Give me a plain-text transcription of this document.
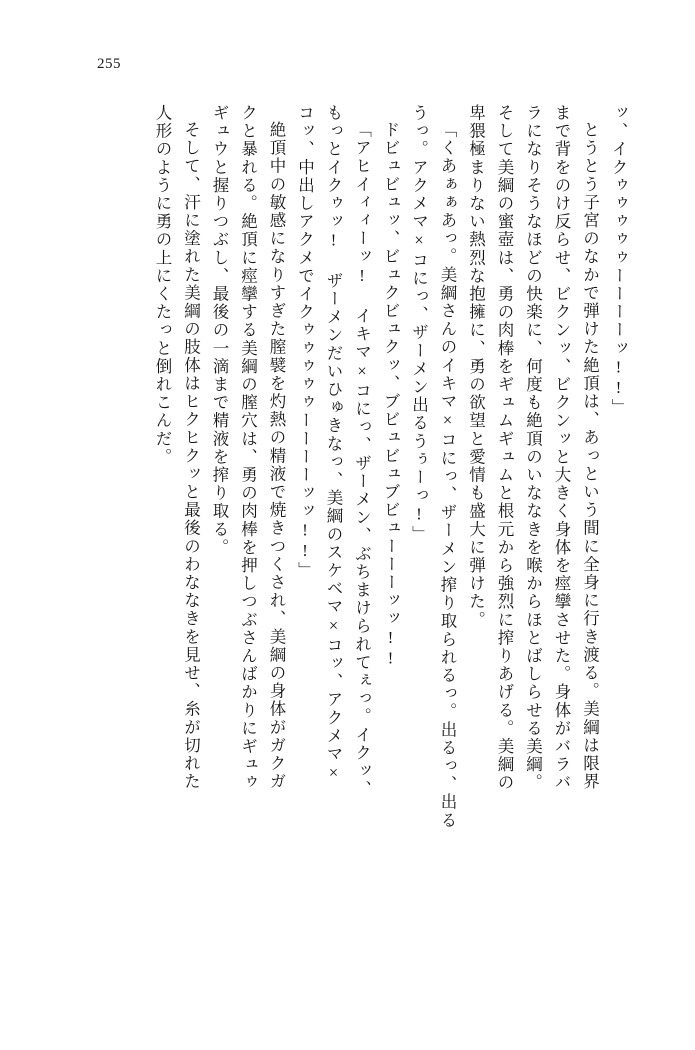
255
ッ、イクゥゥゥゥゥーーーーッ!!」
とうとう子宮のなかで弾けた絶頂は、あっという間に全身に行き渡る。美綱は限界
まで背をのけ反らせ、ビクンッ、ビクンッと大きく身体を痙攣させた。身体がバラバ
ラになりそうなほどの快楽に、何度も絶頂のいななきを喉からほとばしらせる美綱。
そして美綱の蜜壺は、勇の肉棒をギュムギュムと根元から強烈に搾りあげる。美綱の
卑猥極まりない熱烈な抱擁に、勇の欲望と愛情も盛大に弾けた。
「くあぁぁあっ。美綱さんのイキマ×コにっ、ザーメン搾り取られるっ。出るっ、出る
うっ。アクメマ×コにっ、ザーメン出るうぅーっ!」
ドビュビュッ、ビュクビュクッ、ブビュビュブビューーーッッ!!
「アヒイィィーッ! イキマ×コにっ、ザーメン、ぶちまけられてぇっ。イクッ、
もっとイクゥッ! ザーメンだいひゅきなっ、美綱のスケベマ×コッ、アクメマ×
コッ、中出しアクメでイクゥゥゥゥゥーーーーッッ!!」
絶頂中の敏感になりすぎた膣襞を灼熱の精液で焼きつくされ、美綱の身体がガクガ
クと暴れる。絶頂に痙攣する美綱の膣穴は、勇の肉棒を押しつぶさんばかりにギュゥ
ギュウと握りつぶし、最後の一滴まで精液を搾り取る。
そして、汗に塗れた美綱の肢体はヒクヒクッと最後のわななきを見せ、糸が切れた
人形のように勇の上にくたっと倒れこんだ。
